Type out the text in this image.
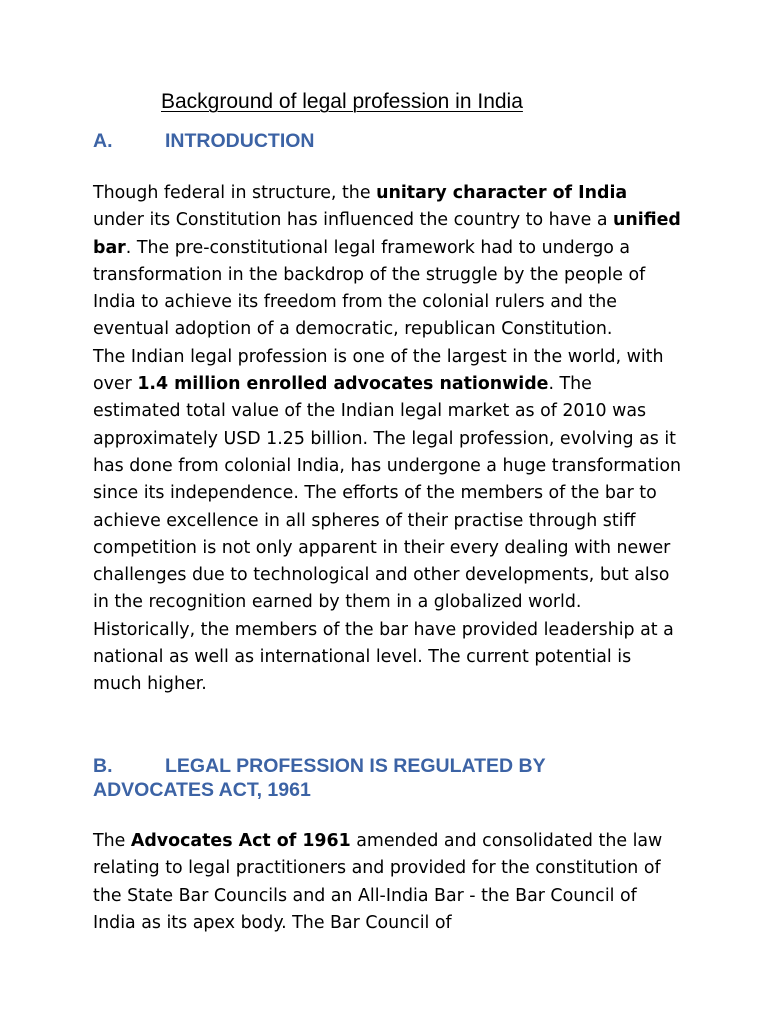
Background of legal profession in India
A.	INTRODUCTION

Though federal in structure, the unitary character of India under its Constitution has influenced the country to have a unified bar. The pre-constitutional legal framework had to undergo a transformation in the backdrop of the struggle by the people of India to achieve its freedom from the colonial rulers and the eventual adoption of a democratic, republican Constitution.

The Indian legal profession is one of the largest in the world, with over 1.4 million enrolled advocates nationwide. The estimated total value of the Indian legal market as of 2010 was approximately USD 1.25 billion. The legal profession, evolving as it has done from colonial India, has undergone a huge transformation since its independence. The efforts of the members of the bar to achieve excellence in all spheres of their practise through stiff competition is not only apparent in their every dealing with newer challenges due to technological and other developments, but also in the recognition earned by them in a globalized world. Historically, the members of the bar have provided leadership at a national as well as international level. The current potential is much higher.

B.	LEGAL PROFESSION IS REGULATED BY
ADVOCATES ACT, 1961

The Advocates Act of 1961 amended and consolidated the law relating to legal practitioners and provided for the constitution of the State Bar Councils and an All-India Bar - the Bar Council of India as its apex body. The Bar Council of
